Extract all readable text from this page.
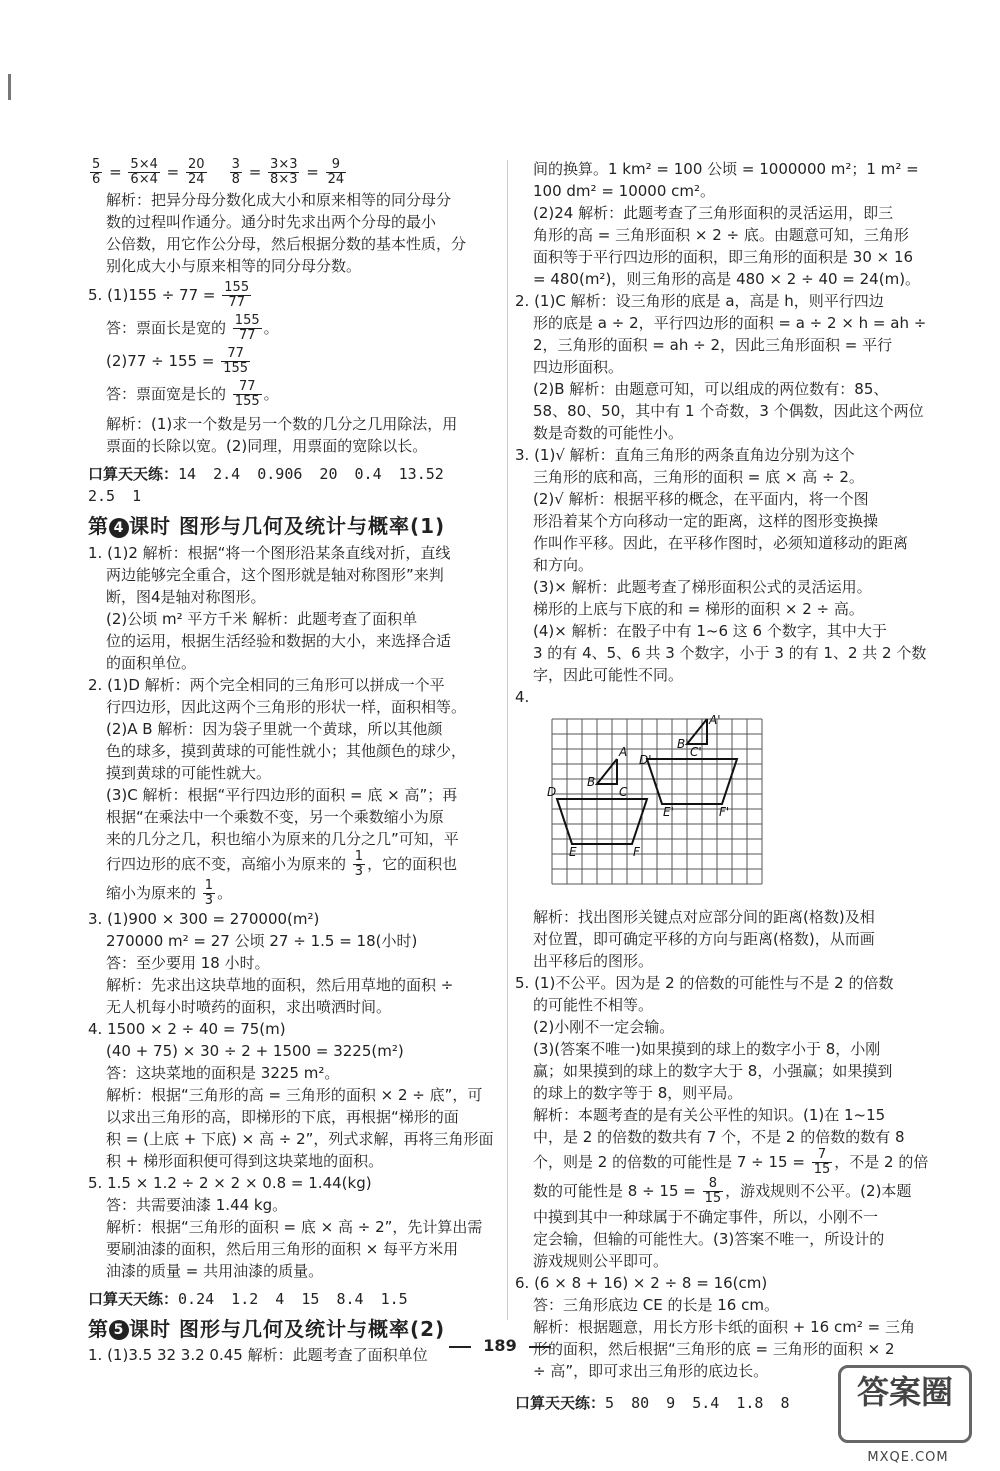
$\frac{5}{6} = \frac{5\times 4}{6\times 4} = \frac{20}{24}$
$\frac{3}{8} = \frac{3\times 3}{8\times 3} = \frac{9}{24}$

解析：把异分母分数化成大小和原来相等的同分母分

数的过程叫作通分。通分时先求出两个分母的最小

公倍数，用它作公分母，然后根据分数的基本性质，分

别化成大小与原来相等的同分母分数。

5. $(1)155 \div 77 = \frac{155}{77}$

答：票面长是宽的 $\frac{155}{77}$ 。

$(2)77 \div 155 = \frac{77}{155}$

答：票面宽是长的 $\frac{77}{155}$ 。

解析：(1)求一个数是另一个数的几分之几用除法，用

票面的长除以宽。(2)同理，用票面的宽除以长。

口算天天练：14 2.4 0.906 20 0.4 13.52
2.5 1

第 4 课时 图形与几何及统计与概率(1)

1. (1)2 解析：根据“将一个图形沿某条直线对折，直线

两边能够完全重合，这个图形就是轴对称图形”来判

断，图4是轴对称图形。

(2)公顷 m² 平方千米 解析：此题考查了面积单

位的运用，根据生活经验和数据的大小，来选择合适

的面积单位。

2. (1)D 解析：两个完全相同的三角形可以拼成一个平

行四边形，因此这两个三角形的形状一样，面积相等。

(2)A B 解析：因为袋子里就一个黄球，所以其他颜

色的球多，摸到黄球的可能性就小；其他颜色的球少，

摸到黄球的可能性就大。

(3)C 解析：根据“平行四边形的面积 = 底 × 高”；再

根据“在乘法中一个乘数不变，另一个乘数缩小为原

来的几分之几，积也缩小为原来的几分之几”可知，平

行四边形的底不变，高缩小为原来的 $\frac{1}{3}$ ，它的面积也

缩小为原来的 $\frac{1}{3}$ 。

3. (1)900 × 300 = 270000(m²)

270000 m² = 27 公顷 27 ÷ 1.5 = 18(小时)

答：至少要用 18 小时。

解析：先求出这块草地的面积，然后用草地的面积 ÷

无人机每小时喷药的面积，求出喷洒时间。

4. 1500 × 2 ÷ 40 = 75(m)

(40 + 75) × 30 ÷ 2 + 1500 = 3225(m²)

答：这块菜地的面积是 3225 m²。

解析：根据“三角形的高 = 三角形的面积 × 2 ÷ 底”，可

以求出三角形的高，即梯形的下底，再根据“梯形的面

积 = (上底 + 下底) × 高 ÷ 2”，列式求解，再将三角形面

积 + 梯形面积便可得到这块菜地的面积。

5. 1.5 × 1.2 ÷ 2 × 2 × 0.8 = 1.44(kg)

答：共需要油漆 1.44 kg。

解析：根据“三角形的面积 = 底 × 高 ÷ 2”，先计算出需

要刷油漆的面积，然后用三角形的面积 × 每平方米用

油漆的质量 = 共用油漆的质量。

口算天天练：0.24 1.2 4 15 8.4 1.5

第 5 课时 图形与几何及统计与概率(2)

1. (1)3.5 32 3.2 0.45 解析：此题考查了面积单位

间的换算。1 km² = 100 公顷 = 1000000 m²；1 m² =

100 dm² = 10000 cm²。

(2)24 解析：此题考查了三角形面积的灵活运用，即三

角形的高 = 三角形面积 × 2 ÷ 底。由题意可知，三角形

面积等于平行四边形的面积，即三角形的面积是 30 × 16

= 480(m²)，则三角形的高是 480 × 2 ÷ 40 = 24(m)。

2. (1)C 解析：设三角形的底是 a，高是 h，则平行四边

形的底是 a ÷ 2，平行四边形的面积 = a ÷ 2 × h = ah ÷

2，三角形的面积 = ah ÷ 2，因此三角形面积 = 平行

四边形面积。

(2)B 解析：由题意可知，可以组成的两位数有：85、

58、80、50，其中有 1 个奇数，3 个偶数，因此这个两位

数是奇数的可能性小。

3. (1)√ 解析：直角三角形的两条直角边分别为这个

三角形的底和高，三角形的面积 = 底 × 高 ÷ 2。

(2)√ 解析：根据平移的概念，在平面内，将一个图

形沿着某个方向移动一定的距离，这样的图形变换操

作叫作平移。因此，在平移作图时，必须知道移动的距离

和方向。

(3)× 解析：此题考查了梯形面积公式的灵活运用。

梯形的上底与下底的和 = 梯形的面积 × 2 ÷ 高。

(4)× 解析：在骰子中有 1~6 这 6 个数字，其中大于

3 的有 4、5、6 共 3 个数字，小于 3 的有 1、2 共 2 个数

字，因此可能性不同。

4.

A
B
C
D
E	F
A'
B'
C'
D'
E'	F'

解析：找出图形关键点对应部分间的距离(格数)及相

对位置，即可确定平移的方向与距离(格数)，从而画

出平移后的图形。

5. (1)不公平。因为是 2 的倍数的可能性与不是 2 的倍数

的可能性不相等。

(2)小刚不一定会输。

(3)(答案不唯一)如果摸到的球上的数字小于 8，小刚

赢；如果摸到的球上的数字大于 8，小强赢；如果摸到

的球上的数字等于 8，则平局。

解析：本题考查的是有关公平性的知识。(1)在 1~15

中，是 2 的倍数的数共有 7 个，不是 2 的倍数的数有 8

个，则是 2 的倍数的可能性是 $7 \div 15 = \frac{7}{15}$ ，不是 2 的倍

数的可能性是 $8 \div 15 = \frac{8}{15}$ ，游戏规则不公平。(2)本题

中摸到其中一种球属于不确定事件，所以，小刚不一

定会输，但输的可能性大。(3)答案不唯一，所设计的

游戏规则公平即可。

6. (6 × 8 + 16) × 2 ÷ 8 = 16(cm)

答：三角形底边 CE 的长是 16 cm。

解析：根据题意，用长方形卡纸的面积 + 16 cm² = 三角

形的面积，然后根据“三角形的底 = 三角形的面积 × 2

÷ 高”，即可求出三角形的底边长。

口算天天练：5 80 9 5.4 1.8 8

189
答案圈
MXQE.COM
